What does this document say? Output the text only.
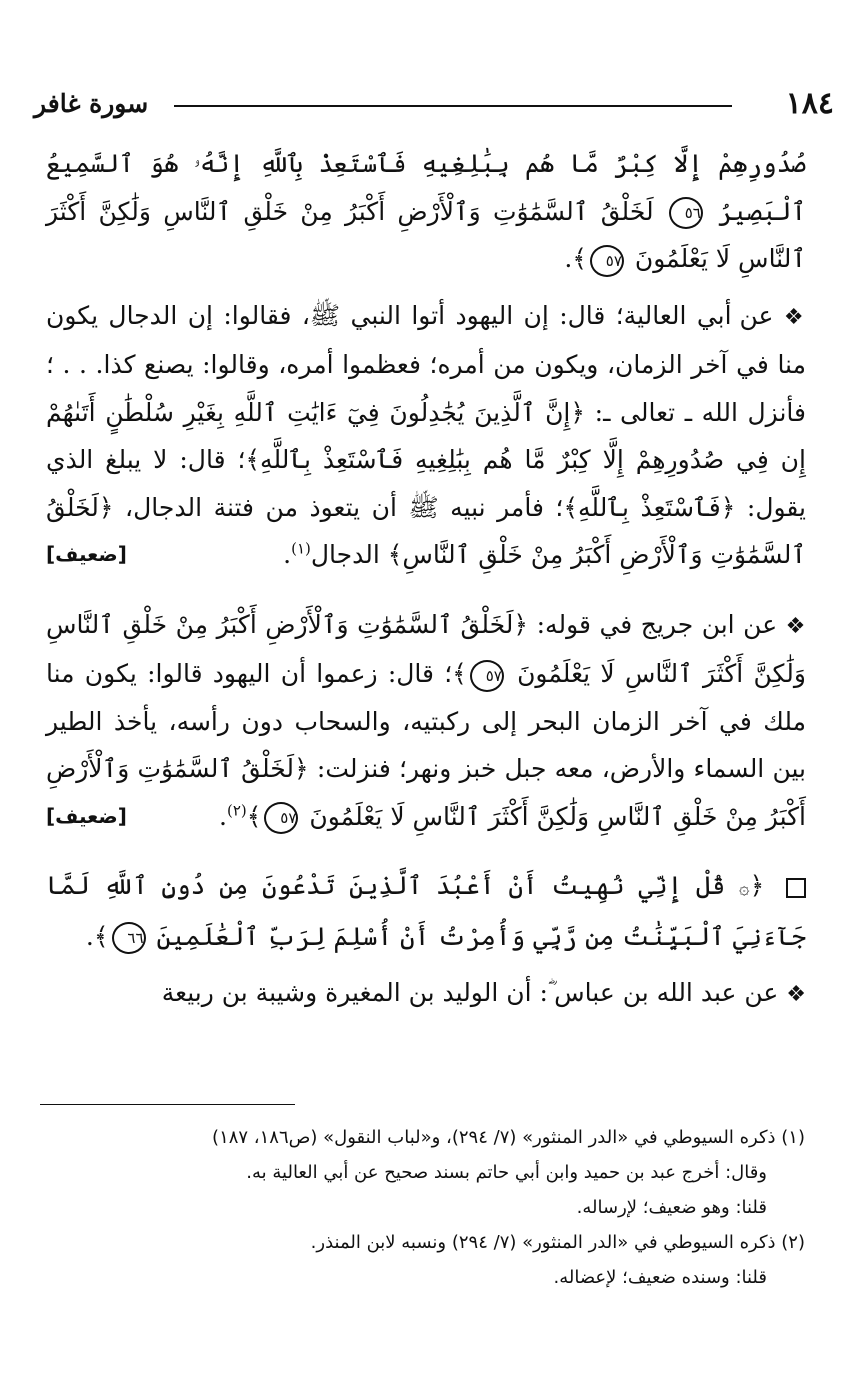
١٨٤
سورة غافر

صُدُورِهِمْ إِلَّا كِبْرٌ مَّا هُم بِبَٰلِغِيهِ فَٱسْتَعِذْ بِٱللَّهِ إِنَّهُۥ هُوَ ٱلسَّمِيعُ ٱلْبَصِيرُ ٥٦ لَخَلْقُ ٱلسَّمَٰوَٰتِ وَٱلْأَرْضِ أَكْبَرُ مِنْ خَلْقِ ٱلنَّاسِ وَلَٰكِنَّ أَكْثَرَ ٱلنَّاسِ لَا يَعْلَمُونَ ٥٧﴾.

❖ عن أبي العالية؛ قال: إن اليهود أتوا النبي ﷺ، فقالوا: إن الدجال يكون منا في آخر الزمان، ويكون من أمره؛ فعظموا أمره، وقالوا: يصنع كذا. . . ؛ فأنزل الله ـ تعالى ـ: ﴿إِنَّ ٱلَّذِينَ يُجَٰدِلُونَ فِيٓ ءَايَٰتِ ٱللَّهِ بِغَيْرِ سُلْطَٰنٍ أَتَىٰهُمْ إِن فِي صُدُورِهِمْ إِلَّا كِبْرٌ مَّا هُم بِبَٰلِغِيهِ فَٱسْتَعِذْ بِٱللَّهِ﴾؛ قال: لا يبلغ الذي يقول: ﴿فَٱسْتَعِذْ بِٱللَّهِ﴾؛ فأمر نبيه ﷺ أن يتعوذ من فتنة الدجال، ﴿لَخَلْقُ ٱلسَّمَٰوَٰتِ وَٱلْأَرْضِ أَكْبَرُ مِنْ خَلْقِ ٱلنَّاسِ﴾ الدجال$^{(١)}$.
[ضعيف]

❖ عن ابن جريج في قوله: ﴿لَخَلْقُ ٱلسَّمَٰوَٰتِ وَٱلْأَرْضِ أَكْبَرُ مِنْ خَلْقِ ٱلنَّاسِ وَلَٰكِنَّ أَكْثَرَ ٱلنَّاسِ لَا يَعْلَمُونَ ٥٧﴾؛ قال: زعموا أن اليهود قالوا: يكون منا ملك في آخر الزمان البحر إلى ركبتيه، والسحاب دون رأسه، يأخذ الطير بين السماء والأرض، معه جبل خبز ونهر؛ فنزلت: ﴿لَخَلْقُ ٱلسَّمَٰوَٰتِ وَٱلْأَرْضِ أَكْبَرُ مِنْ خَلْقِ ٱلنَّاسِ وَلَٰكِنَّ أَكْثَرَ ٱلنَّاسِ لَا يَعْلَمُونَ ٥٧﴾$^{(٢)}$.
[ضعيف]

﴿۞ قُلْ إِنِّي نُهِيتُ أَنْ أَعْبُدَ ٱلَّذِينَ تَدْعُونَ مِن دُونِ ٱللَّهِ لَمَّا جَآءَنِيَ ٱلْبَيِّنَٰتُ مِن رَّبِّي وَأُمِرْتُ أَنْ أُسْلِمَ لِرَبِّ ٱلْعَٰلَمِينَ ٦٦﴾.

❖ عن عبد الله بن عباس ؓ: أن الوليد بن المغيرة وشيبة بن ربيعة

(١) ذكره السيوطي في «الدر المنثور» (٧/ ٢٩٤)، و«لباب النقول» (ص١٨٦، ١٨٧)

وقال: أخرج عبد بن حميد وابن أبي حاتم بسند صحيح عن أبي العالية به.

قلنا: وهو ضعيف؛ لإرساله.

(٢) ذكره السيوطي في «الدر المنثور» (٧/ ٢٩٤) ونسبه لابن المنذر.

قلنا: وسنده ضعيف؛ لإعضاله.
